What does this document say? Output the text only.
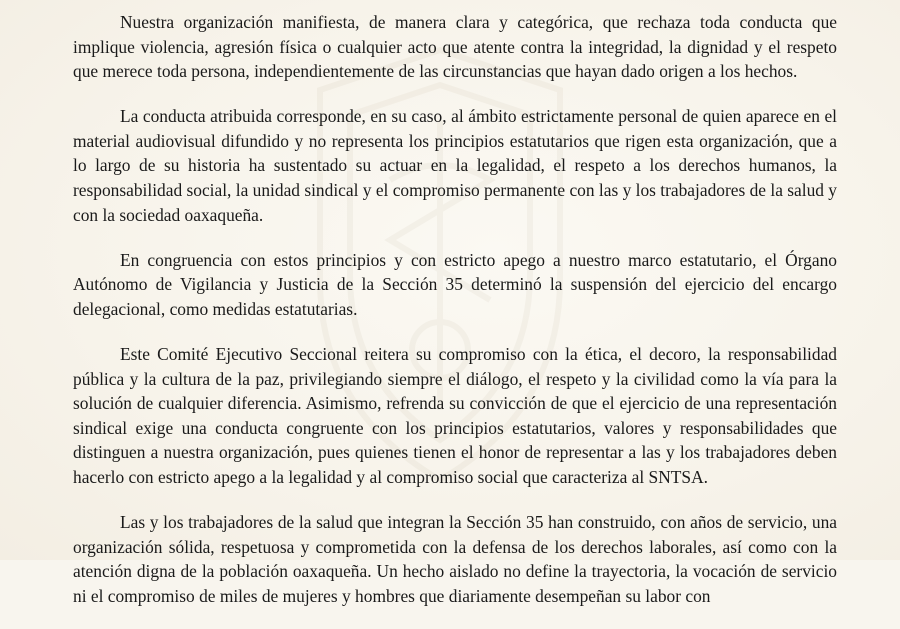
Nuestra organización manifiesta, de manera clara y categórica, que rechaza toda conducta que implique violencia, agresión física o cualquier acto que atente contra la integridad, la dignidad y el respeto que merece toda persona, independientemente de las circunstancias que hayan dado origen a los hechos.

La conducta atribuida corresponde, en su caso, al ámbito estrictamente personal de quien aparece en el material audiovisual difundido y no representa los principios estatutarios que rigen esta organización, que a lo largo de su historia ha sustentado su actuar en la legalidad, el respeto a los derechos humanos, la responsabilidad social, la unidad sindical y el compromiso permanente con las y los trabajadores de la salud y con la sociedad oaxaqueña.

En congruencia con estos principios y con estricto apego a nuestro marco estatutario, el Órgano Autónomo de Vigilancia y Justicia de la Sección 35 determinó la suspensión del ejercicio del encargo delegacional, como medidas estatutarias.

Este Comité Ejecutivo Seccional reitera su compromiso con la ética, el decoro, la responsabilidad pública y la cultura de la paz, privilegiando siempre el diálogo, el respeto y la civilidad como la vía para la solución de cualquier diferencia. Asimismo, refrenda su convicción de que el ejercicio de una representación sindical exige una conducta congruente con los principios estatutarios, valores y responsabilidades que distinguen a nuestra organización, pues quienes tienen el honor de representar a las y los trabajadores deben hacerlo con estricto apego a la legalidad y al compromiso social que caracteriza al SNTSA.

Las y los trabajadores de la salud que integran la Sección 35 han construido, con años de servicio, una organización sólida, respetuosa y comprometida con la defensa de los derechos laborales, así como con la atención digna de la población oaxaqueña. Un hecho aislado no define la trayectoria, la vocación de servicio ni el compromiso de miles de mujeres y hombres que diariamente desempeñan su labor con
